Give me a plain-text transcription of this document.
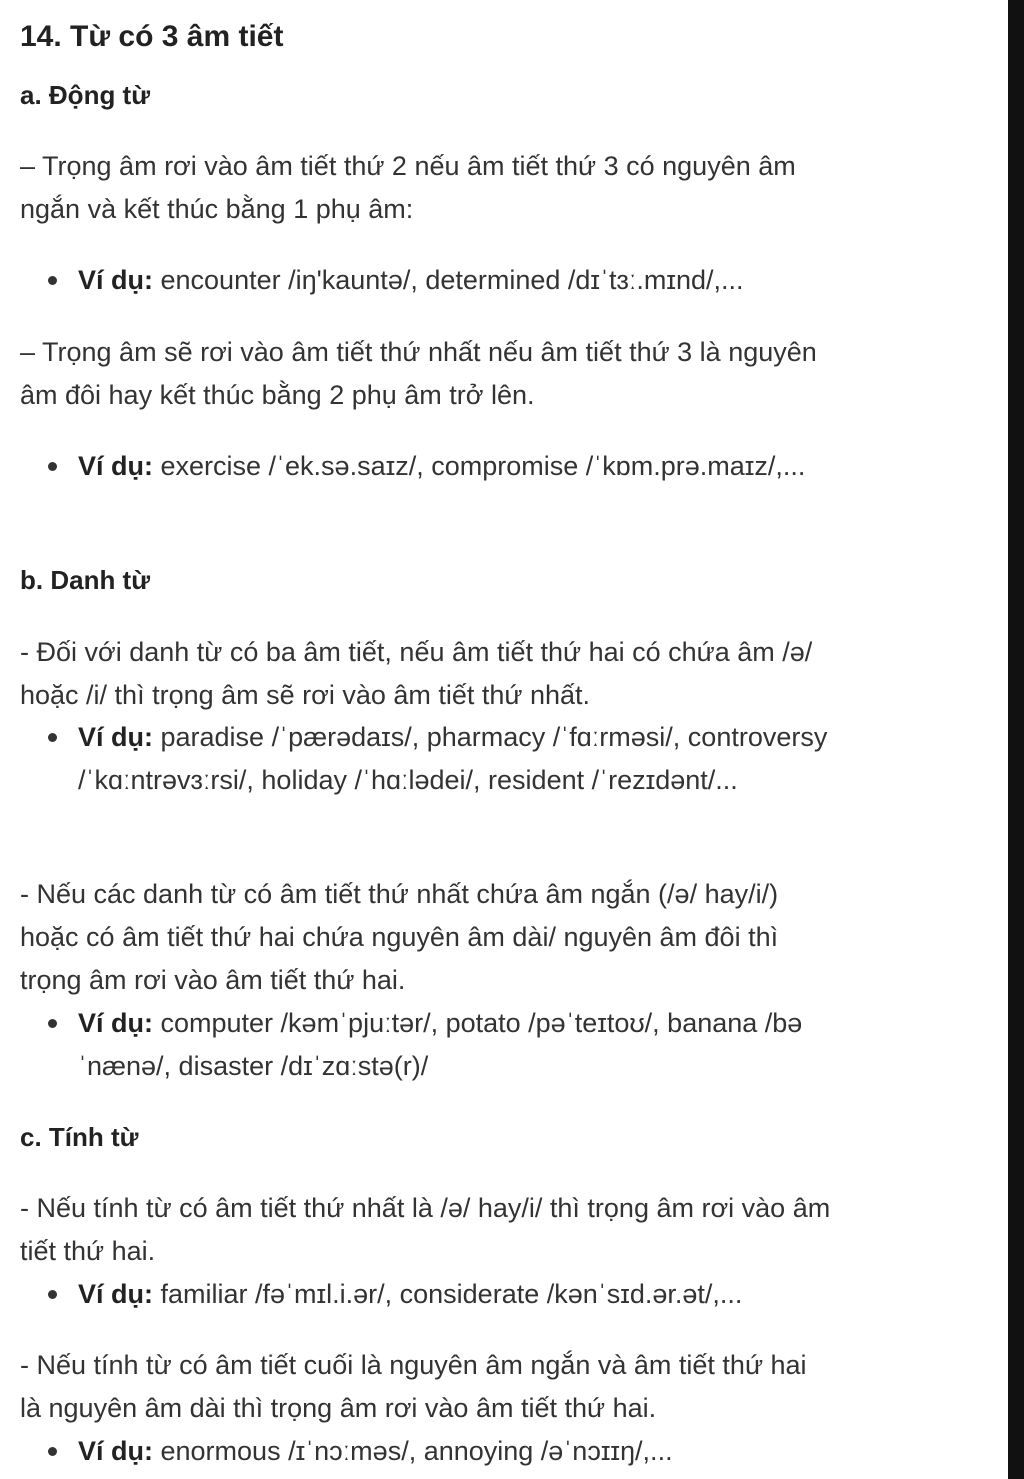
14. Từ có 3 âm tiết
a. Động từ

– Trọng âm rơi vào âm tiết thứ 2 nếu âm tiết thứ 3 có nguyên âm ngắn và kết thúc bằng 1 phụ âm:

Ví dụ: encounter /iŋ'kauntə/, determined /dɪˈtɜː.mɪnd/,...

– Trọng âm sẽ rơi vào âm tiết thứ nhất nếu âm tiết thứ 3 là nguyên âm đôi hay kết thúc bằng 2 phụ âm trở lên.

Ví dụ: exercise /ˈek.sə.saɪz/, compromise /ˈkɒm.prə.maɪz/,...
b. Danh từ

- Đối với danh từ có ba âm tiết, nếu âm tiết thứ hai có chứa âm /ə/ hoặc /i/ thì trọng âm sẽ rơi vào âm tiết thứ nhất.

Ví dụ: paradise /ˈpærədaɪs/, pharmacy /ˈfɑːrməsi/, controversy /ˈkɑːntrəvɜːrsi/, holiday /ˈhɑːlədei/, resident /ˈrezɪdənt/...

- Nếu các danh từ có âm tiết thứ nhất chứa âm ngắn (/ə/ hay/i/) hoặc có âm tiết thứ hai chứa nguyên âm dài/ nguyên âm đôi thì trọng âm rơi vào âm tiết thứ hai.

Ví dụ: computer /kəmˈpjuːtər/, potato /pəˈteɪtoʊ/, banana /bəˈnænə/, disaster /dɪˈzɑːstə(r)/
c. Tính từ

- Nếu tính từ có âm tiết thứ nhất là /ə/ hay/i/ thì trọng âm rơi vào âm tiết thứ hai.

Ví dụ: familiar /fəˈmɪl.i.ər/, considerate /kənˈsɪd.ər.ət/,...

- Nếu tính từ có âm tiết cuối là nguyên âm ngắn và âm tiết thứ hai là nguyên âm dài thì trọng âm rơi vào âm tiết thứ hai.

Ví dụ: enormous /ɪˈnɔːməs/, annoying /əˈnɔɪɪŋ/,...
